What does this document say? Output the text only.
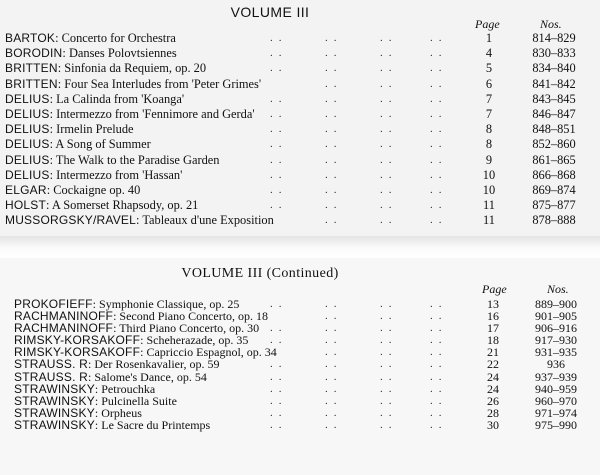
VOLUME III
Page	Nos.
BARTOK: Concerto for Orchestra	1	814–829
..	..	..	..
BORODIN: Danses Polovtsiennes	4	830–833
..	..	..	..
BRITTEN: Sinfonia da Requiem, op. 20	5	834–840
..	..	..	..
BRITTEN: Four Sea Interludes from 'Peter Grimes'	6	841–842
..	..	..
DELIUS: La Calinda from 'Koanga'	7	843–845
..	..	..	..
DELIUS: Intermezzo from 'Fennimore and Gerda'	7	846–847
..	..	..	..
DELIUS: Irmelin Prelude	8	848–851
..	..	..	..
DELIUS: A Song of Summer	8	852–860
..	..	..	..
DELIUS: The Walk to the Paradise Garden	9	861–865
..	..	..	..
DELIUS: Intermezzo from 'Hassan'	10	866–868
..	..	..	..
ELGAR: Cockaigne op. 40	10	869–874
..	..	..	..
HOLST: A Somerset Rhapsody, op. 21	11	875–877
..	..	..	..
MUSSORGSKY/RAVEL: Tableaux d'une Exposition	11	878–888
..	..	..
VOLUME III (Continued)
Page	Nos.
PROKOFIEFF: Symphonie Classique, op. 25	13	889–900
..	..	..	..
RACHMANINOFF: Second Piano Concerto, op. 18	16	901–905
..	..	..
RACHMANINOFF: Third Piano Concerto, op. 30	17	906–916
..	..	..	..
RIMSKY-KORSAKOFF: Scheherazade, op. 35	18	917–930
..	..	..	..
RIMSKY-KORSAKOFF: Capriccio Espagnol, op. 34	21	931–935
..	..	..
STRAUSS. R: Der Rosenkavalier, op. 59	22	936
..	..	..	..
STRAUSS. R: Salome's Dance, op. 54	24	937–939
..	..	..	..
STRAWINSKY: Petrouchka	24	940–959
..	..	..	..
STRAWINSKY: Pulcinella Suite	26	960–970
..	..	..	..
STRAWINSKY: Orpheus	28	971–974
..	..	..	..
STRAWINSKY: Le Sacre du Printemps	30	975–990
..	..	..	..
